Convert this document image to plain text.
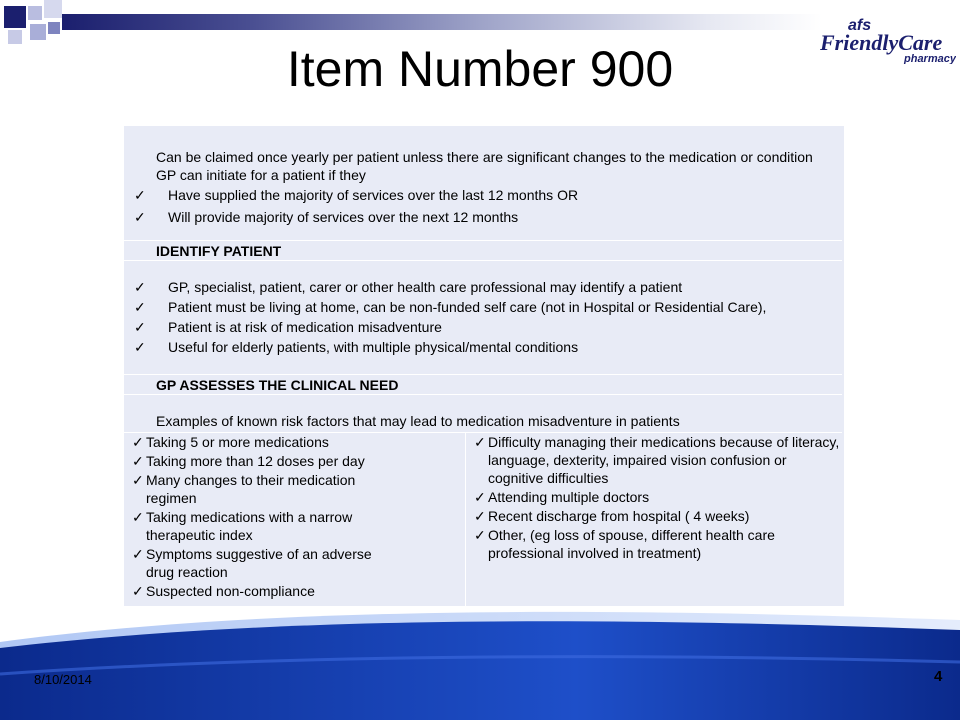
afs
FriendlyCare
pharmacy
Item Number 900
Can be claimed once yearly per patient unless there are significant changes to the medication or condition
GP can initiate for a patient if they
✓ Have supplied the majority of services over the last 12 months OR
✓ Will provide majority of services over the next 12 months
IDENTIFY PATIENT
✓ GP, specialist, patient, carer or other health care professional may identify a patient
✓ Patient must be living at home, can be non-funded self care (not in Hospital or Residential Care),
✓ Patient is at risk of medication misadventure
✓ Useful for elderly patients, with multiple physical/mental conditions
GP ASSESSES THE CLINICAL NEED
Examples of known risk factors that may lead to medication misadventure in patients
✓ Taking 5 or more medications
✓ Taking more than 12 doses per day
✓ Many changes to their medication regimen
✓ Taking medications with a narrow therapeutic index
✓ Symptoms suggestive of an adverse drug reaction
✓ Suspected non-compliance
✓ Difficulty managing their medications because of literacy, language, dexterity, impaired vision confusion or cognitive difficulties
✓ Attending multiple doctors
✓ Recent discharge from hospital ( 4 weeks)
✓ Other, (eg loss of spouse, different health care professional involved in treatment)
8/10/2014	4
